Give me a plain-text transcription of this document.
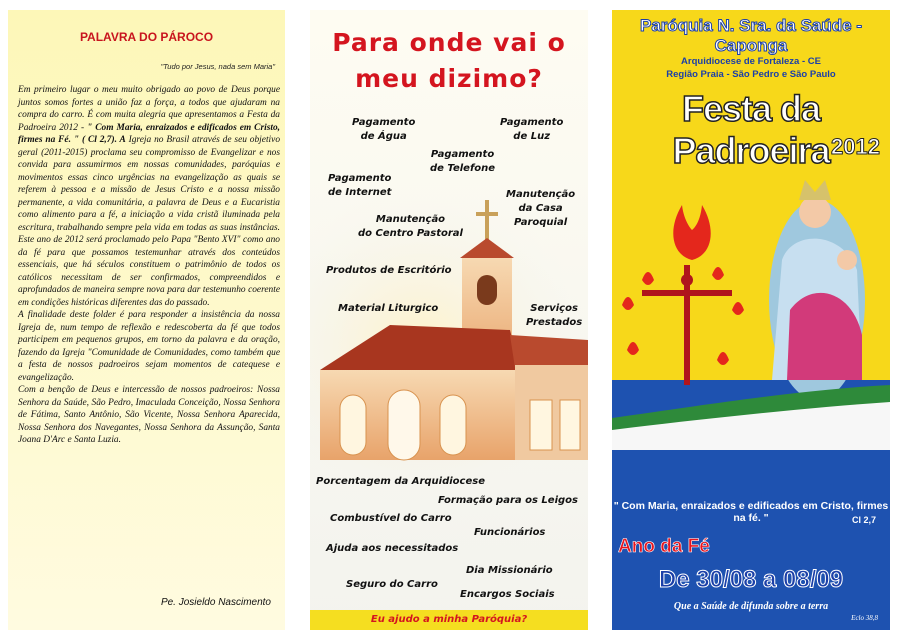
PALAVRA DO PÁROCO
"Tudo por Jesus, nada sem Maria"
Em primeiro lugar o meu muito obrigado ao povo de Deus porque juntos somos fortes a união faz a força, a todos que ajudaram na compra do carro. É com muita alegria que apresentamos a Festa da Padroeira 2012 - " Com Maria, enraizados e edificados em Cristo, firmes na Fé. " ( Cl 2,7). A Igreja no Brasil através de seu objetivo geral (2011-2015) proclama seu compromisso de Evangelizar e nos convida para assumirmos em nossas comunidades, paróquias e movimentos essas cinco urgências na evangelização as quais se referem à pessoa e a missão de Jesus Cristo e a nossa missão permanente, a vida comunitária, a palavra de Deus e a Eucaristia como alimento para a fé, a iniciação a vida cristã iluminada pela escritura, trabalhando sempre pela vida em todas as suas instâncias. Este ano de 2012 será proclamado pelo Papa "Bento XVI" como ano da fé para que possamos testemunhar através dos conteúdos essenciais, que há séculos constituem o patrimônio de todos os católicos necessitam de ser confirmados, compreendidos e aprofundados de maneira sempre nova para dar testemunho coerente em condições históricas diferentes das do passado.
A finalidade deste folder é para responder a insistência da nossa Igreja de, num tempo de reflexão e redescoberta da fé que todos participem em pequenos grupos, em torno da palavra e da oração, fazendo da Igreja "Comunidade de Comunidades, como também que a festa de nossos padroeiros sejam momentos de catequese e evangelização.
Com a benção de Deus e intercessão de nossos padroeiros: Nossa Senhora da Saúde, São Pedro, Imaculada Conceição, Nossa Senhora de Fátima, Santo Antônio, São Vicente, Nossa Senhora Aparecida, Nossa Senhora dos Navegantes, Nossa Senhora da Assunção, Santa Joana D'Arc e Santa Luzia.
Pe. Josieldo Nascimento
Para onde vai o
meu dizimo?
Pagamento
de Água
Pagamento
de Luz
Pagamento
de Telefone
Pagamento
de Internet	Manutenção
da Casa
Paroquial
Manutenção
do Centro Pastoral
Produtos de Escritório
Material Liturgico	Serviços
Prestados
Porcentagem da Arquidiocese
Formação para os Leigos
Combustível do Carro
Funcionários
Ajuda aos necessitados
Dia Missionário
Seguro do Carro
Encargos Sociais
Eu ajudo a minha Paróquia?
Paróquia N. Sra. da Saúde - Caponga
Arquidiocese de Fortaleza - CE
Região Praia - São Pedro e São Paulo
Festa da Padroeira 2012
" Com Maria, enraizados e edificados em Cristo, firmes na fé. "	Cl 2,7
Ano da Fé
De 30/08 a 08/09
Que a Saúde de difunda sobre a terra
Eclo 38,8
